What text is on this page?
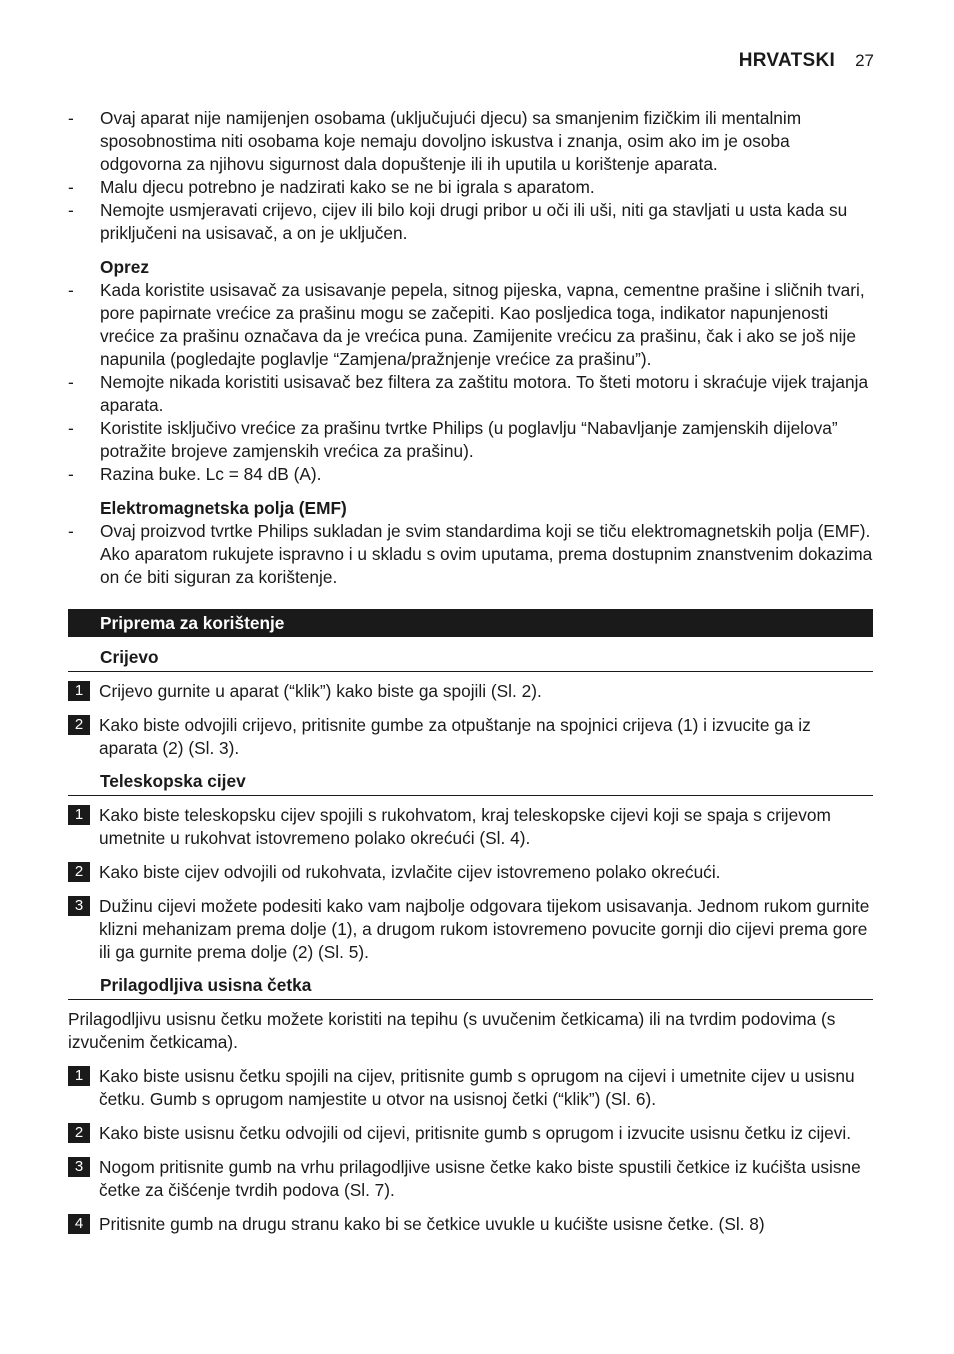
HRVATSKI 27
-	Ovaj aparat nije namijenjen osobama (uključujući djecu) sa smanjenim fizičkim ili mentalnim sposobnostima niti osobama koje nemaju dovoljno iskustva i znanja, osim ako im je osoba odgovorna za njihovu sigurnost dala dopuštenje ili ih uputila u korištenje aparata.
-	Malu djecu potrebno je nadzirati kako se ne bi igrala s aparatom.
-	Nemojte usmjeravati crijevo, cijev ili bilo koji drugi pribor u oči ili uši, niti ga stavljati u usta kada su priključeni na usisavač, a on je uključen.
Oprez
-	Kada koristite usisavač za usisavanje pepela, sitnog pijeska, vapna, cementne prašine i sličnih tvari, pore papirnate vrećice za prašinu mogu se začepiti. Kao posljedica toga, indikator napunjenosti vrećice za prašinu označava da je vrećica puna. Zamijenite vrećicu za prašinu, čak i ako se još nije napunila (pogledajte poglavlje “Zamjena/pražnjenje vrećice za prašinu”).
-	Nemojte nikada koristiti usisavač bez filtera za zaštitu motora. To šteti motoru i skraćuje vijek trajanja aparata.
-	Koristite isključivo vrećice za prašinu tvrtke Philips (u poglavlju “Nabavljanje zamjenskih dijelova” potražite brojeve zamjenskih vrećica za prašinu).
-	Razina buke. Lc = 84 dB (A).
Elektromagnetska polja (EMF)
-	Ovaj proizvod tvrtke Philips sukladan je svim standardima koji se tiču elektromagnetskih polja (EMF). Ako aparatom rukujete ispravno i u skladu s ovim uputama, prema dostupnim znanstvenim dokazima on će biti siguran za korištenje.
Priprema za korištenje
Crijevo
1 Crijevo gurnite u aparat (“klik”) kako biste ga spojili (Sl. 2).
2 Kako biste odvojili crijevo, pritisnite gumbe za otpuštanje na spojnici crijeva (1) i izvucite ga iz aparata (2) (Sl. 3).
Teleskopska cijev
1 Kako biste teleskopsku cijev spojili s rukohvatom, kraj teleskopske cijevi koji se spaja s crijevom umetnite u rukohvat istovremeno polako okrećući (Sl. 4).
2 Kako biste cijev odvojili od rukohvata, izvlačite cijev istovremeno polako okrećući.
3 Dužinu cijevi možete podesiti kako vam najbolje odgovara tijekom usisavanja. Jednom rukom gurnite klizni mehanizam prema dolje (1), a drugom rukom istovremeno povucite gornji dio cijevi prema gore ili ga gurnite prema dolje (2) (Sl. 5).
Prilagodljiva usisna četka
Prilagodljivu usisnu četku možete koristiti na tepihu (s uvučenim četkicama) ili na tvrdim podovima (s izvučenim četkicama).
1 Kako biste usisnu četku spojili na cijev, pritisnite gumb s oprugom na cijevi i umetnite cijev u usisnu četku. Gumb s oprugom namjestite u otvor na usisnoj četki (“klik”) (Sl. 6).
2 Kako biste usisnu četku odvojili od cijevi, pritisnite gumb s oprugom i izvucite usisnu četku iz cijevi.
3 Nogom pritisnite gumb na vrhu prilagodljive usisne četke kako biste spustili četkice iz kućišta usisne četke za čišćenje tvrdih podova (Sl. 7).
4 Pritisnite gumb na drugu stranu kako bi se četkice uvukle u kućište usisne četke. (Sl. 8)
